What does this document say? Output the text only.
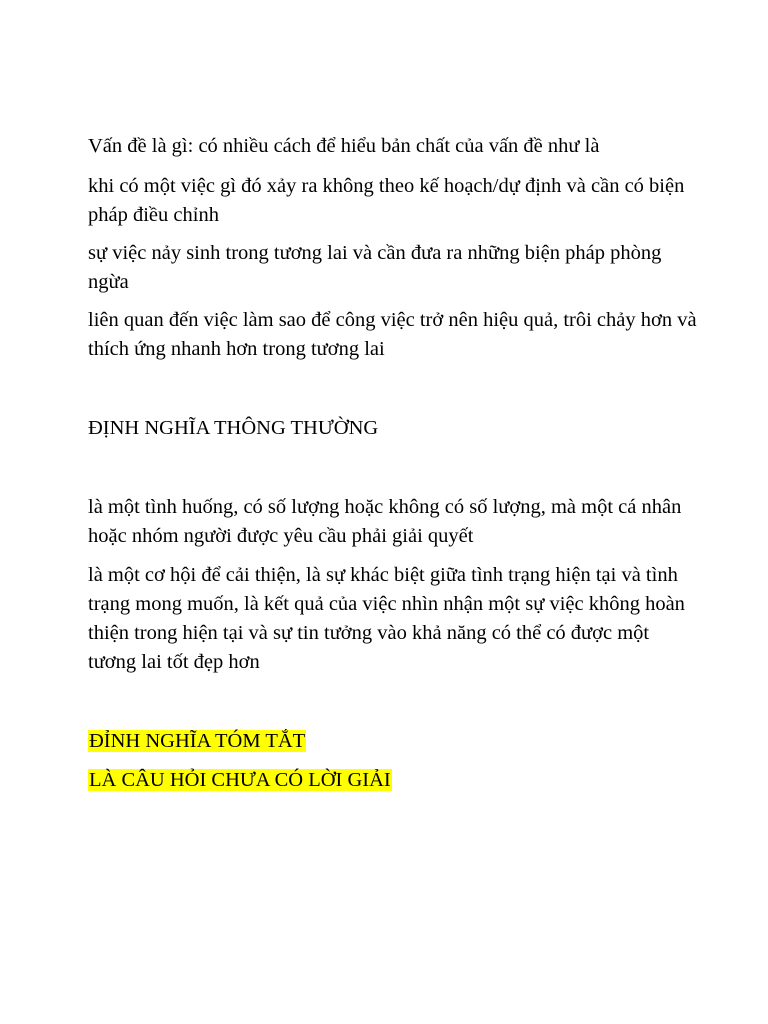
Vấn đề là gì: có nhiều cách để hiểu bản chất của vấn đề như là

khi có một việc gì đó xảy ra không theo kế hoạch/dự định và cần có biện pháp điều chỉnh

sự việc nảy sinh trong tương lai và cần đưa ra những biện pháp phòng ngừa

liên quan đến việc làm sao để công việc trở nên hiệu quả, trôi chảy hơn và thích ứng nhanh hơn trong tương lai

ĐỊNH NGHĨA THÔNG THƯỜNG

là một tình huống, có số lượng hoặc không có số lượng, mà một cá nhân hoặc nhóm người được yêu cầu phải giải quyết

là một cơ hội để cải thiện, là sự khác biệt giữa tình trạng hiện tại và tình trạng mong muốn, là kết quả của việc nhìn nhận một sự việc không hoàn thiện trong hiện tại và sự tin tưởng vào khả năng có thể có được một tương lai tốt đẹp hơn

ĐỈNH NGHĨA TÓM TẮT

LÀ CÂU HỎI CHƯA CÓ LỜI GIẢI
